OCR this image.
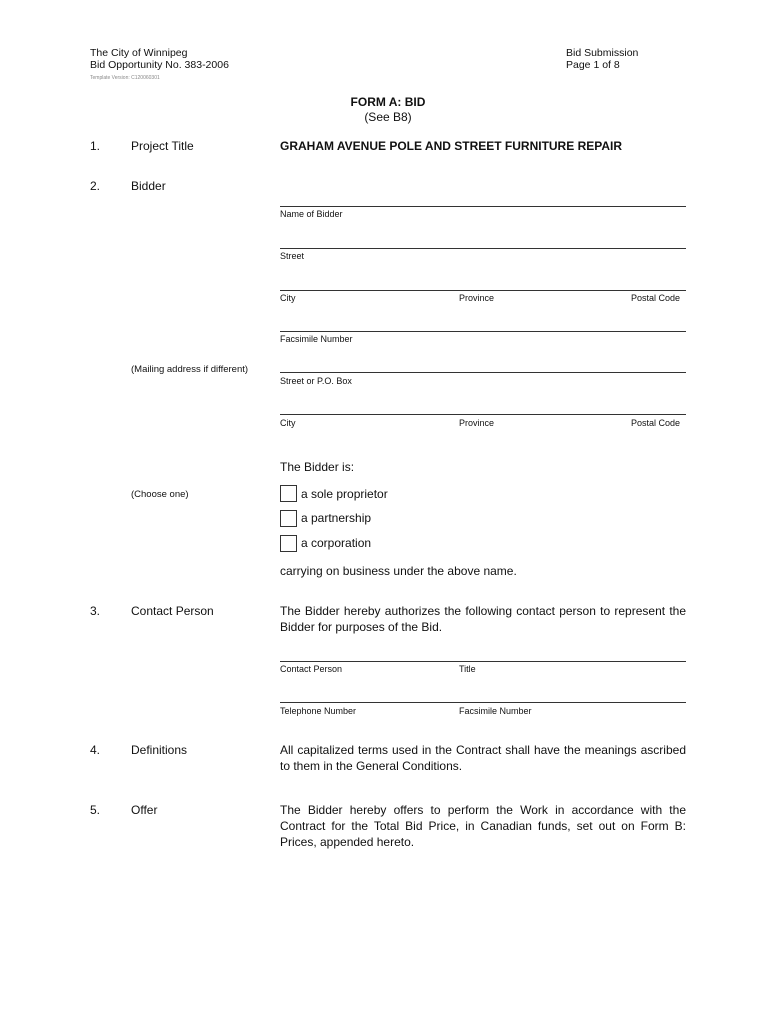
The City of Winnipeg
Bid Opportunity No. 383-2006
Template Version: C120060301
Bid Submission
Page 1 of 8
FORM A: BID
(See B8)
1.	Project Title	GRAHAM AVENUE POLE AND STREET FURNITURE REPAIR
2.	Bidder
Name of Bidder
Street
City	Province	Postal Code
Facsimile Number
(Mailing address if different)
Street or P.O. Box
City	Province	Postal Code
The Bidder is:
(Choose one)	a sole proprietor
a partnership
a corporation
carrying on business under the above name.
3.	Contact Person	The Bidder hereby authorizes the following contact person to represent the Bidder for purposes of the Bid.
Contact Person	Title
Telephone Number	Facsimile Number
4.	Definitions	All capitalized terms used in the Contract shall have the meanings ascribed to them in the General Conditions.
5.	Offer	The Bidder hereby offers to perform the Work in accordance with the Contract for the Total Bid Price, in Canadian funds, set out on Form B: Prices, appended hereto.
